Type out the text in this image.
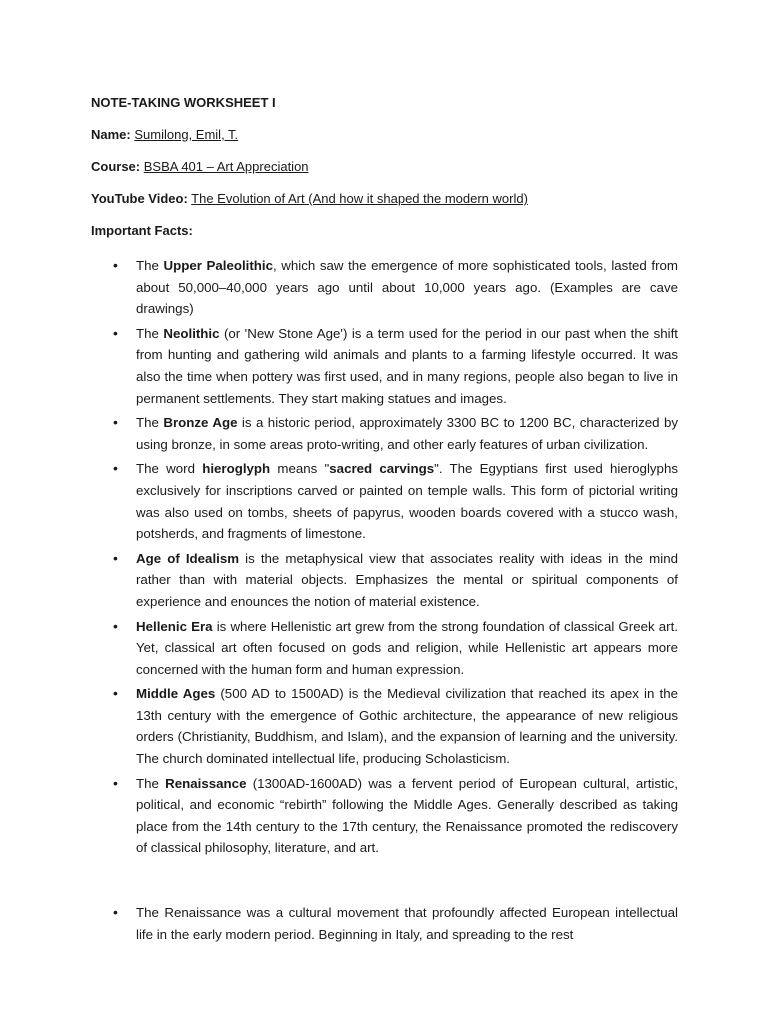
NOTE-TAKING WORKSHEET I
Name: Sumilong, Emil, T.
Course: BSBA 401 – Art Appreciation
YouTube Video: The Evolution of Art (And how it shaped the modern world)
Important Facts:
• The Upper Paleolithic, which saw the emergence of more sophisticated tools, lasted from about 50,000–40,000 years ago until about 10,000 years ago. (Examples are cave drawings)
• The Neolithic (or 'New Stone Age') is a term used for the period in our past when the shift from hunting and gathering wild animals and plants to a farming lifestyle occurred. It was also the time when pottery was first used, and in many regions, people also began to live in permanent settlements. They start making statues and images.
• The Bronze Age is a historic period, approximately 3300 BC to 1200 BC, characterized by using bronze, in some areas proto-writing, and other early features of urban civilization.
• The word hieroglyph means "sacred carvings". The Egyptians first used hieroglyphs exclusively for inscriptions carved or painted on temple walls. This form of pictorial writing was also used on tombs, sheets of papyrus, wooden boards covered with a stucco wash, potsherds, and fragments of limestone.
• Age of Idealism is the metaphysical view that associates reality with ideas in the mind rather than with material objects. Emphasizes the mental or spiritual components of experience and enounces the notion of material existence.
• Hellenic Era is where Hellenistic art grew from the strong foundation of classical Greek art. Yet, classical art often focused on gods and religion, while Hellenistic art appears more concerned with the human form and human expression.
• Middle Ages (500 AD to 1500AD) is the Medieval civilization that reached its apex in the 13th century with the emergence of Gothic architecture, the appearance of new religious orders (Christianity, Buddhism, and Islam), and the expansion of learning and the university. The church dominated intellectual life, producing Scholasticism.
• The Renaissance (1300AD-1600AD) was a fervent period of European cultural, artistic, political, and economic “rebirth” following the Middle Ages. Generally described as taking place from the 14th century to the 17th century, the Renaissance promoted the rediscovery of classical philosophy, literature, and art.
• The Renaissance was a cultural movement that profoundly affected European intellectual life in the early modern period. Beginning in Italy, and spreading to the rest
